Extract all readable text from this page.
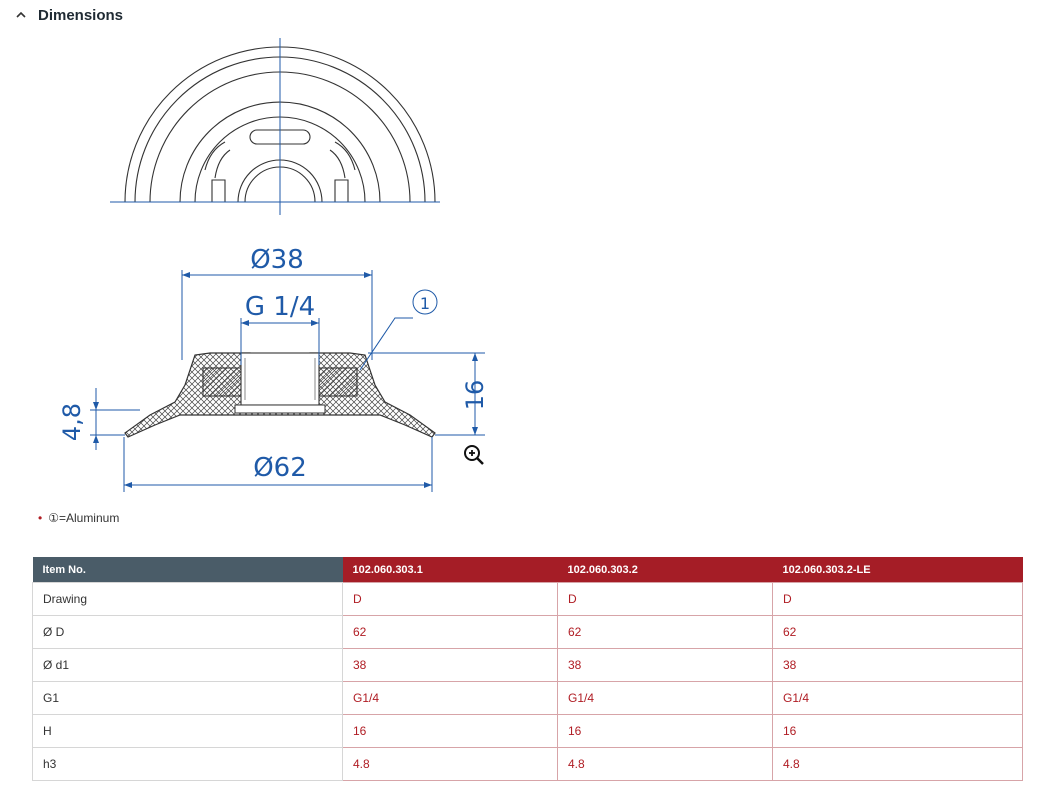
Dimensions
Ø38
G 1/4
16
4,8
Ø62
1
• ①=Aluminum
Item No.	102.060.303.1	102.060.303.2	102.060.303.2-LE
Drawing	D	D	D
Ø D	62	62	62
Ø d1	38	38	38
G1	G1/4	G1/4	G1/4
H	16	16	16
h3	4.8	4.8	4.8
